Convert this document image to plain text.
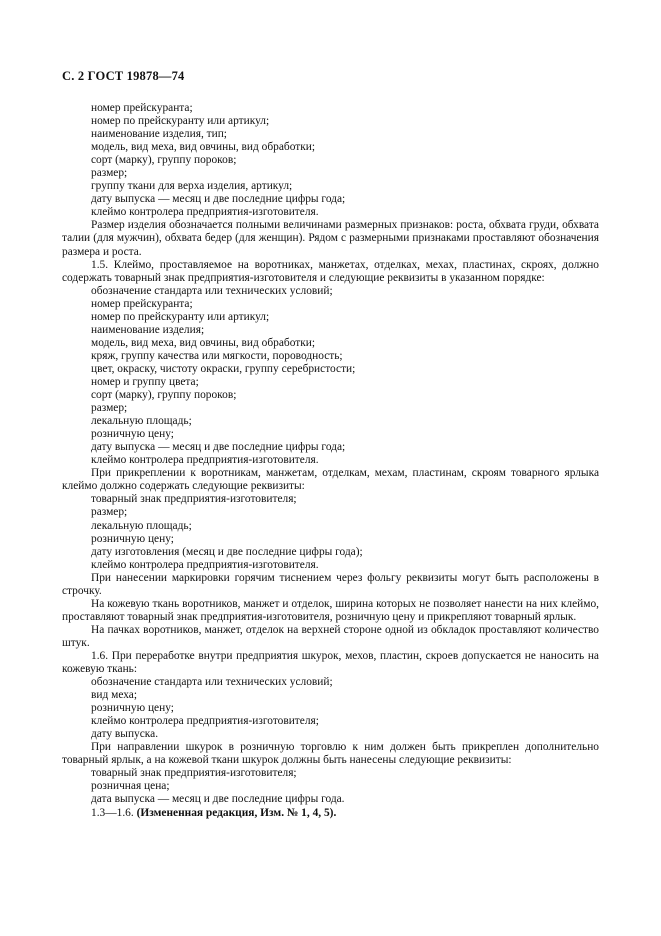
С. 2 ГОСТ 19878—74

номер прейскуранта;

номер по прейскуранту или артикул;

наименование изделия, тип;

модель, вид меха, вид овчины, вид обработки;

сорт (марку), группу пороков;

размер;

группу ткани для верха изделия, артикул;

дату выпуска — месяц и две последние цифры года;

клеймо контролера предприятия-изготовителя.

Размер изделия обозначается полными величинами размерных признаков: роста, обхвата груди, обхвата талии (для мужчин), обхвата бедер (для женщин). Рядом с размерными признаками проставляют обозначения размера и роста.

1.5. Клеймо, проставляемое на воротниках, манжетах, отделках, мехах, пластинах, скроях, должно содержать товарный знак предприятия-изготовителя и следующие реквизиты в указанном порядке:

обозначение стандарта или технических условий;

номер прейскуранта;

номер по прейскуранту или артикул;

наименование изделия;

модель, вид меха, вид овчины, вид обработки;

кряж, группу качества или мягкости, пороводность;

цвет, окраску, чистоту окраски, группу серебристости;

номер и группу цвета;

сорт (марку), группу пороков;

размер;

лекальную площадь;

розничную цену;

дату выпуска — месяц и две последние цифры года;

клеймо контролера предприятия-изготовителя.

При прикреплении к воротникам, манжетам, отделкам, мехам, пластинам, скроям товарного ярлыка клеймо должно содержать следующие реквизиты:

товарный знак предприятия-изготовителя;

размер;

лекальную площадь;

розничную цену;

дату изготовления (месяц и две последние цифры года);

клеймо контролера предприятия-изготовителя.

При нанесении маркировки горячим тиснением через фольгу реквизиты могут быть расположены в строчку.

На кожевую ткань воротников, манжет и отделок, ширина которых не позволяет нанести на них клеймо, проставляют товарный знак предприятия-изготовителя, розничную цену и прикрепляют товарный ярлык.

На пачках воротников, манжет, отделок на верхней стороне одной из обкладок проставляют количество штук.

1.6. При переработке внутри предприятия шкурок, мехов, пластин, скроев допускается не наносить на кожевую ткань:

обозначение стандарта или технических условий;

вид меха;

розничную цену;

клеймо контролера предприятия-изготовителя;

дату выпуска.

При направлении шкурок в розничную торговлю к ним должен быть прикреплен дополнительно товарный ярлык, а на кожевой ткани шкурок должны быть нанесены следующие реквизиты:

товарный знак предприятия-изготовителя;

розничная цена;

дата выпуска — месяц и две последние цифры года.

1.3—1.6. (Измененная редакция, Изм. № 1, 4, 5).
